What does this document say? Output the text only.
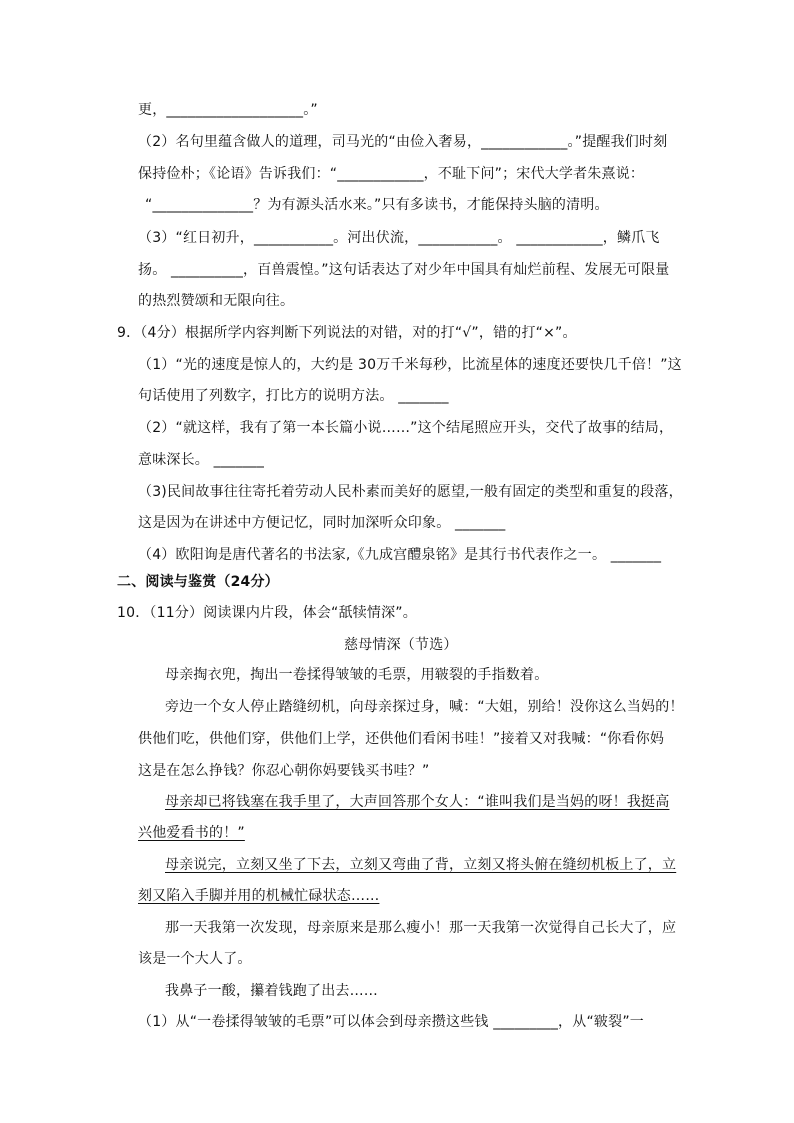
更，___________________。”
（2）名句里蕴含做人的道理，司马光的“由俭入奢易，____________。”提醒我们时刻
保持俭朴；《论语》告诉我们：“____________，不耻下问”；宋代大学者朱熹说：
“______________？为有源头活水来。”只有多读书，才能保持头脑的清明。
（3）“红日初升，___________。河出伏流，___________。 ____________，鳞爪飞
扬。 __________，百兽震惶。”这句话表达了对少年中国具有灿烂前程、发展无可限量
的热烈赞颂和无限向往。
9．（4分）根据所学内容判断下列说法的对错，对的打“√”，错的打“×”。
（1）“光的速度是惊人的，大约是 30万千米每秒，比流星体的速度还要快几千倍！”这
句话使用了列数字，打比方的说明方法。 _______
（2）“就这样，我有了第一本长篇小说……”这个结尾照应开头，交代了故事的结局，
意味深长。 _______
（3)民间故事往往寄托着劳动人民朴素而美好的愿望,一般有固定的类型和重复的段落，
这是因为在讲述中方便记忆，同时加深听众印象。 _______
（4）欧阳询是唐代著名的书法家,《九成宫醴泉铭》是其行书代表作之一。 _______
二、阅读与鉴赏（24分）
10．（11分）阅读课内片段，体会“舐犊情深”。
慈母情深（节选）
母亲掏衣兜，掏出一卷揉得皱皱的毛票，用皲裂的手指数着。
旁边一个女人停止踏缝纫机，向母亲探过身，喊：“大姐，别给！没你这么当妈的！
供他们吃，供他们穿，供他们上学，还供他们看闲书哇！”接着又对我喊：“你看你妈
这是在怎么挣钱？你忍心朝你妈要钱买书哇？”
母亲却已将钱塞在我手里了，大声回答那个女人：“谁叫我们是当妈的呀！我挺高
兴他爱看书的！”
母亲说完，立刻又坐了下去，立刻又弯曲了背，立刻又将头俯在缝纫机板上了，立
刻又陷入手脚并用的机械忙碌状态……
那一天我第一次发现，母亲原来是那么瘦小！那一天我第一次觉得自己长大了，应
该是一个大人了。
我鼻子一酸，攥着钱跑了出去……
（1）从“一卷揉得皱皱的毛票”可以体会到母亲攒这些钱 _________，从“皲裂”一
